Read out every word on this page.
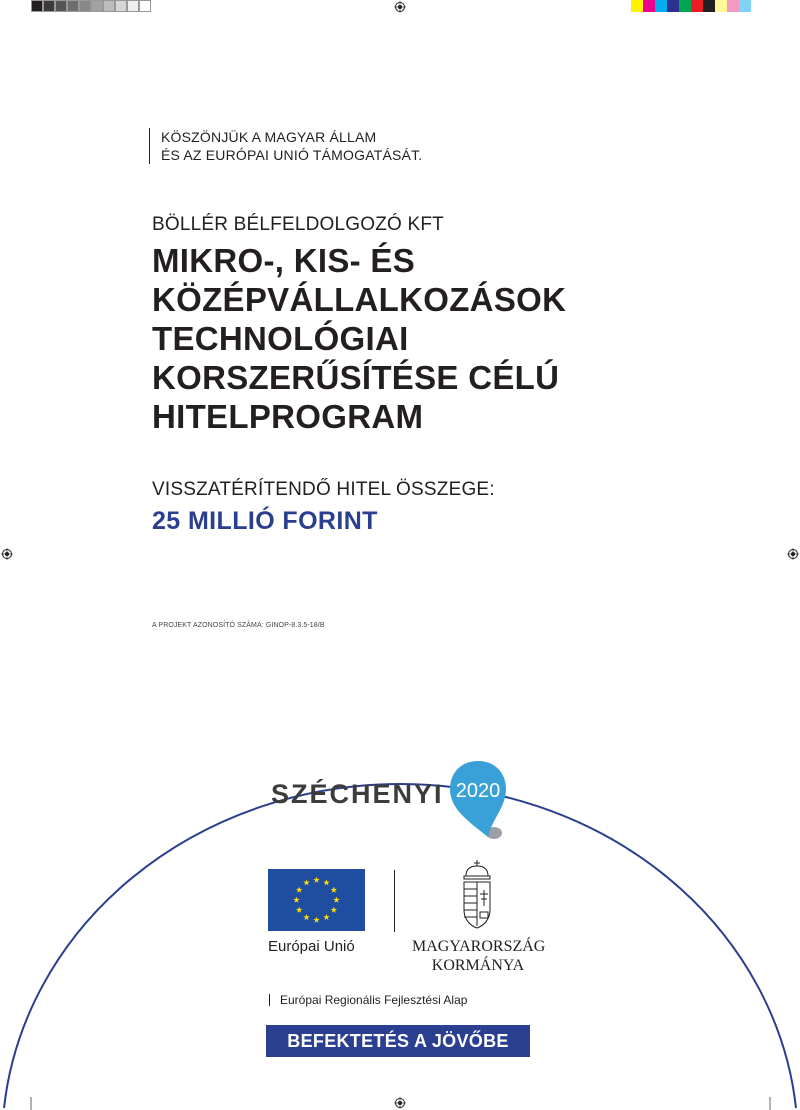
KÖSZÖNJÜK A MAGYAR ÁLLAM
ÉS AZ EURÓPAI UNIÓ TÁMOGATÁSÁT.
BÖLLÉR BÉLFELDOLGOZÓ KFT
MIKRO-, KIS- ÉS
KÖZÉPVÁLLALKOZÁSOK
TECHNOLÓGIAI
KORSZERŰSÍTÉSE CÉLÚ
HITELPROGRAM
VISSZATÉRÍTENDŐ HITEL ÖSSZEGE:
25 MILLIÓ FORINT
A PROJEKT AZONOSÍTÓ SZÁMA: GINOP-8.3.5-18/B
SZÉCHENYI 2020
Európai Unió	MAGYARORSZÁG
KORMÁNYA
Európai Regionális Fejlesztési Alap
BEFEKTETÉS A JÖVŐBE
